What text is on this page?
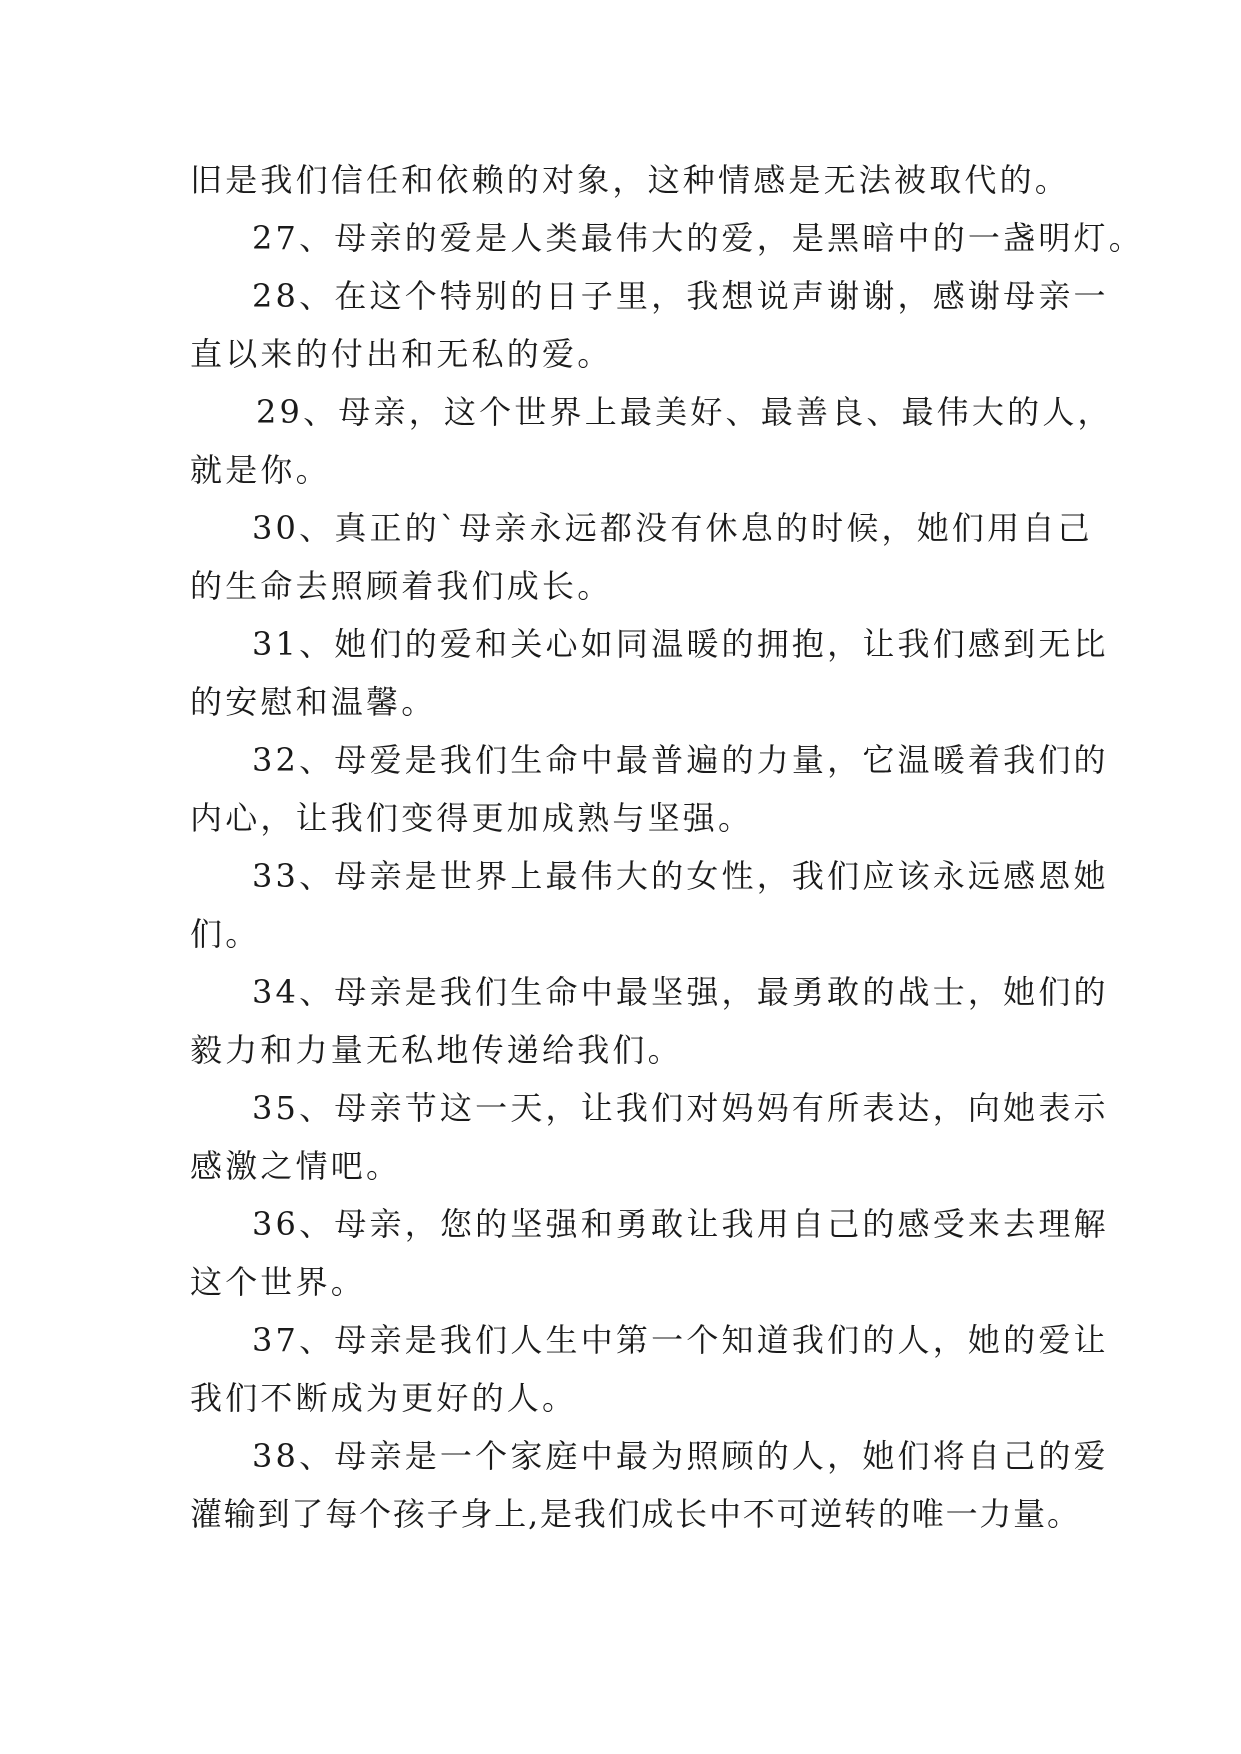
旧是我们信任和依赖的对象，这种情感是无法被取代的。
27、母亲的爱是人类最伟大的爱，是黑暗中的一盏明灯。
28、在这个特别的日子里，我想说声谢谢，感谢母亲一
直以来的付出和无私的爱。
29、母亲，这个世界上最美好、最善良、最伟大的人，
就是你。
30、真正的`母亲永远都没有休息的时候，她们用自己
的生命去照顾着我们成长。
31、她们的爱和关心如同温暖的拥抱，让我们感到无比
的安慰和温馨。
32、母爱是我们生命中最普遍的力量，它温暖着我们的
内心，让我们变得更加成熟与坚强。
33、母亲是世界上最伟大的女性，我们应该永远感恩她
们。
34、母亲是我们生命中最坚强，最勇敢的战士，她们的
毅力和力量无私地传递给我们。
35、母亲节这一天，让我们对妈妈有所表达，向她表示
感激之情吧。
36、母亲，您的坚强和勇敢让我用自己的感受来去理解
这个世界。
37、母亲是我们人生中第一个知道我们的人，她的爱让
我们不断成为更好的人。
38、母亲是一个家庭中最为照顾的人，她们将自己的爱
灌输到了每个孩子身上,是我们成长中不可逆转的唯一力量。
